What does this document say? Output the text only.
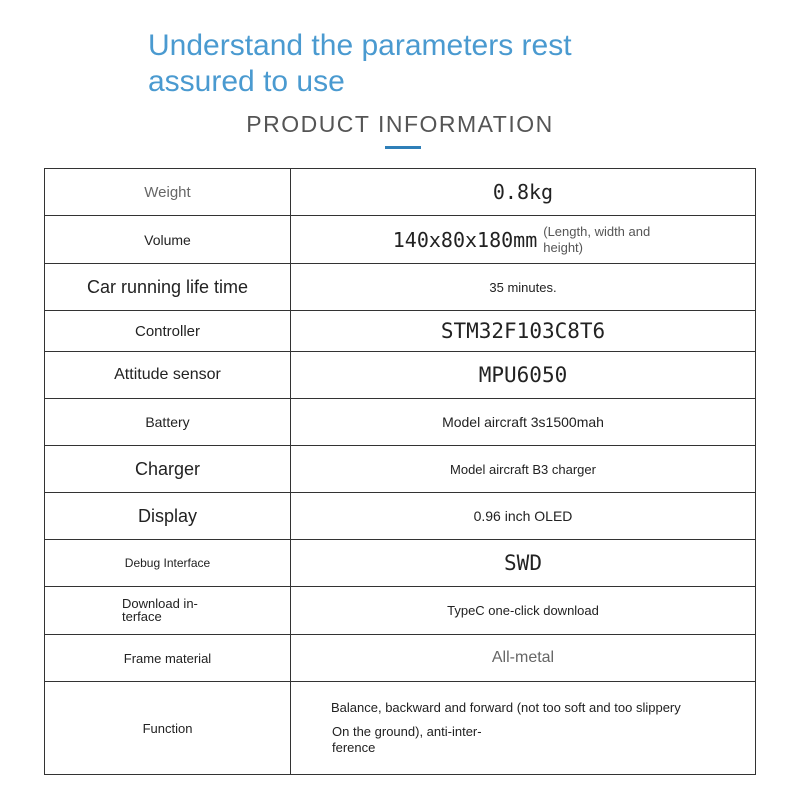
Understand the parameters rest assured to use
PRODUCT INFORMATION
Weight	0.8kg
Volume	140x80x180mm (Length, width and height)
Car running life time	35 minutes.
Controller	STM32F103C8T6
Attitude sensor	MPU6050
Battery	Model aircraft 3s1500mah
Charger	Model aircraft B3 charger
Display	0.96 inch OLED
Debug Interface	SWD
Download in-terface	TypeC one-click download
Frame material	All-metal
Function	Balance, backward and forward (not too soft and too slippery
On the ground), anti-inter-ference
